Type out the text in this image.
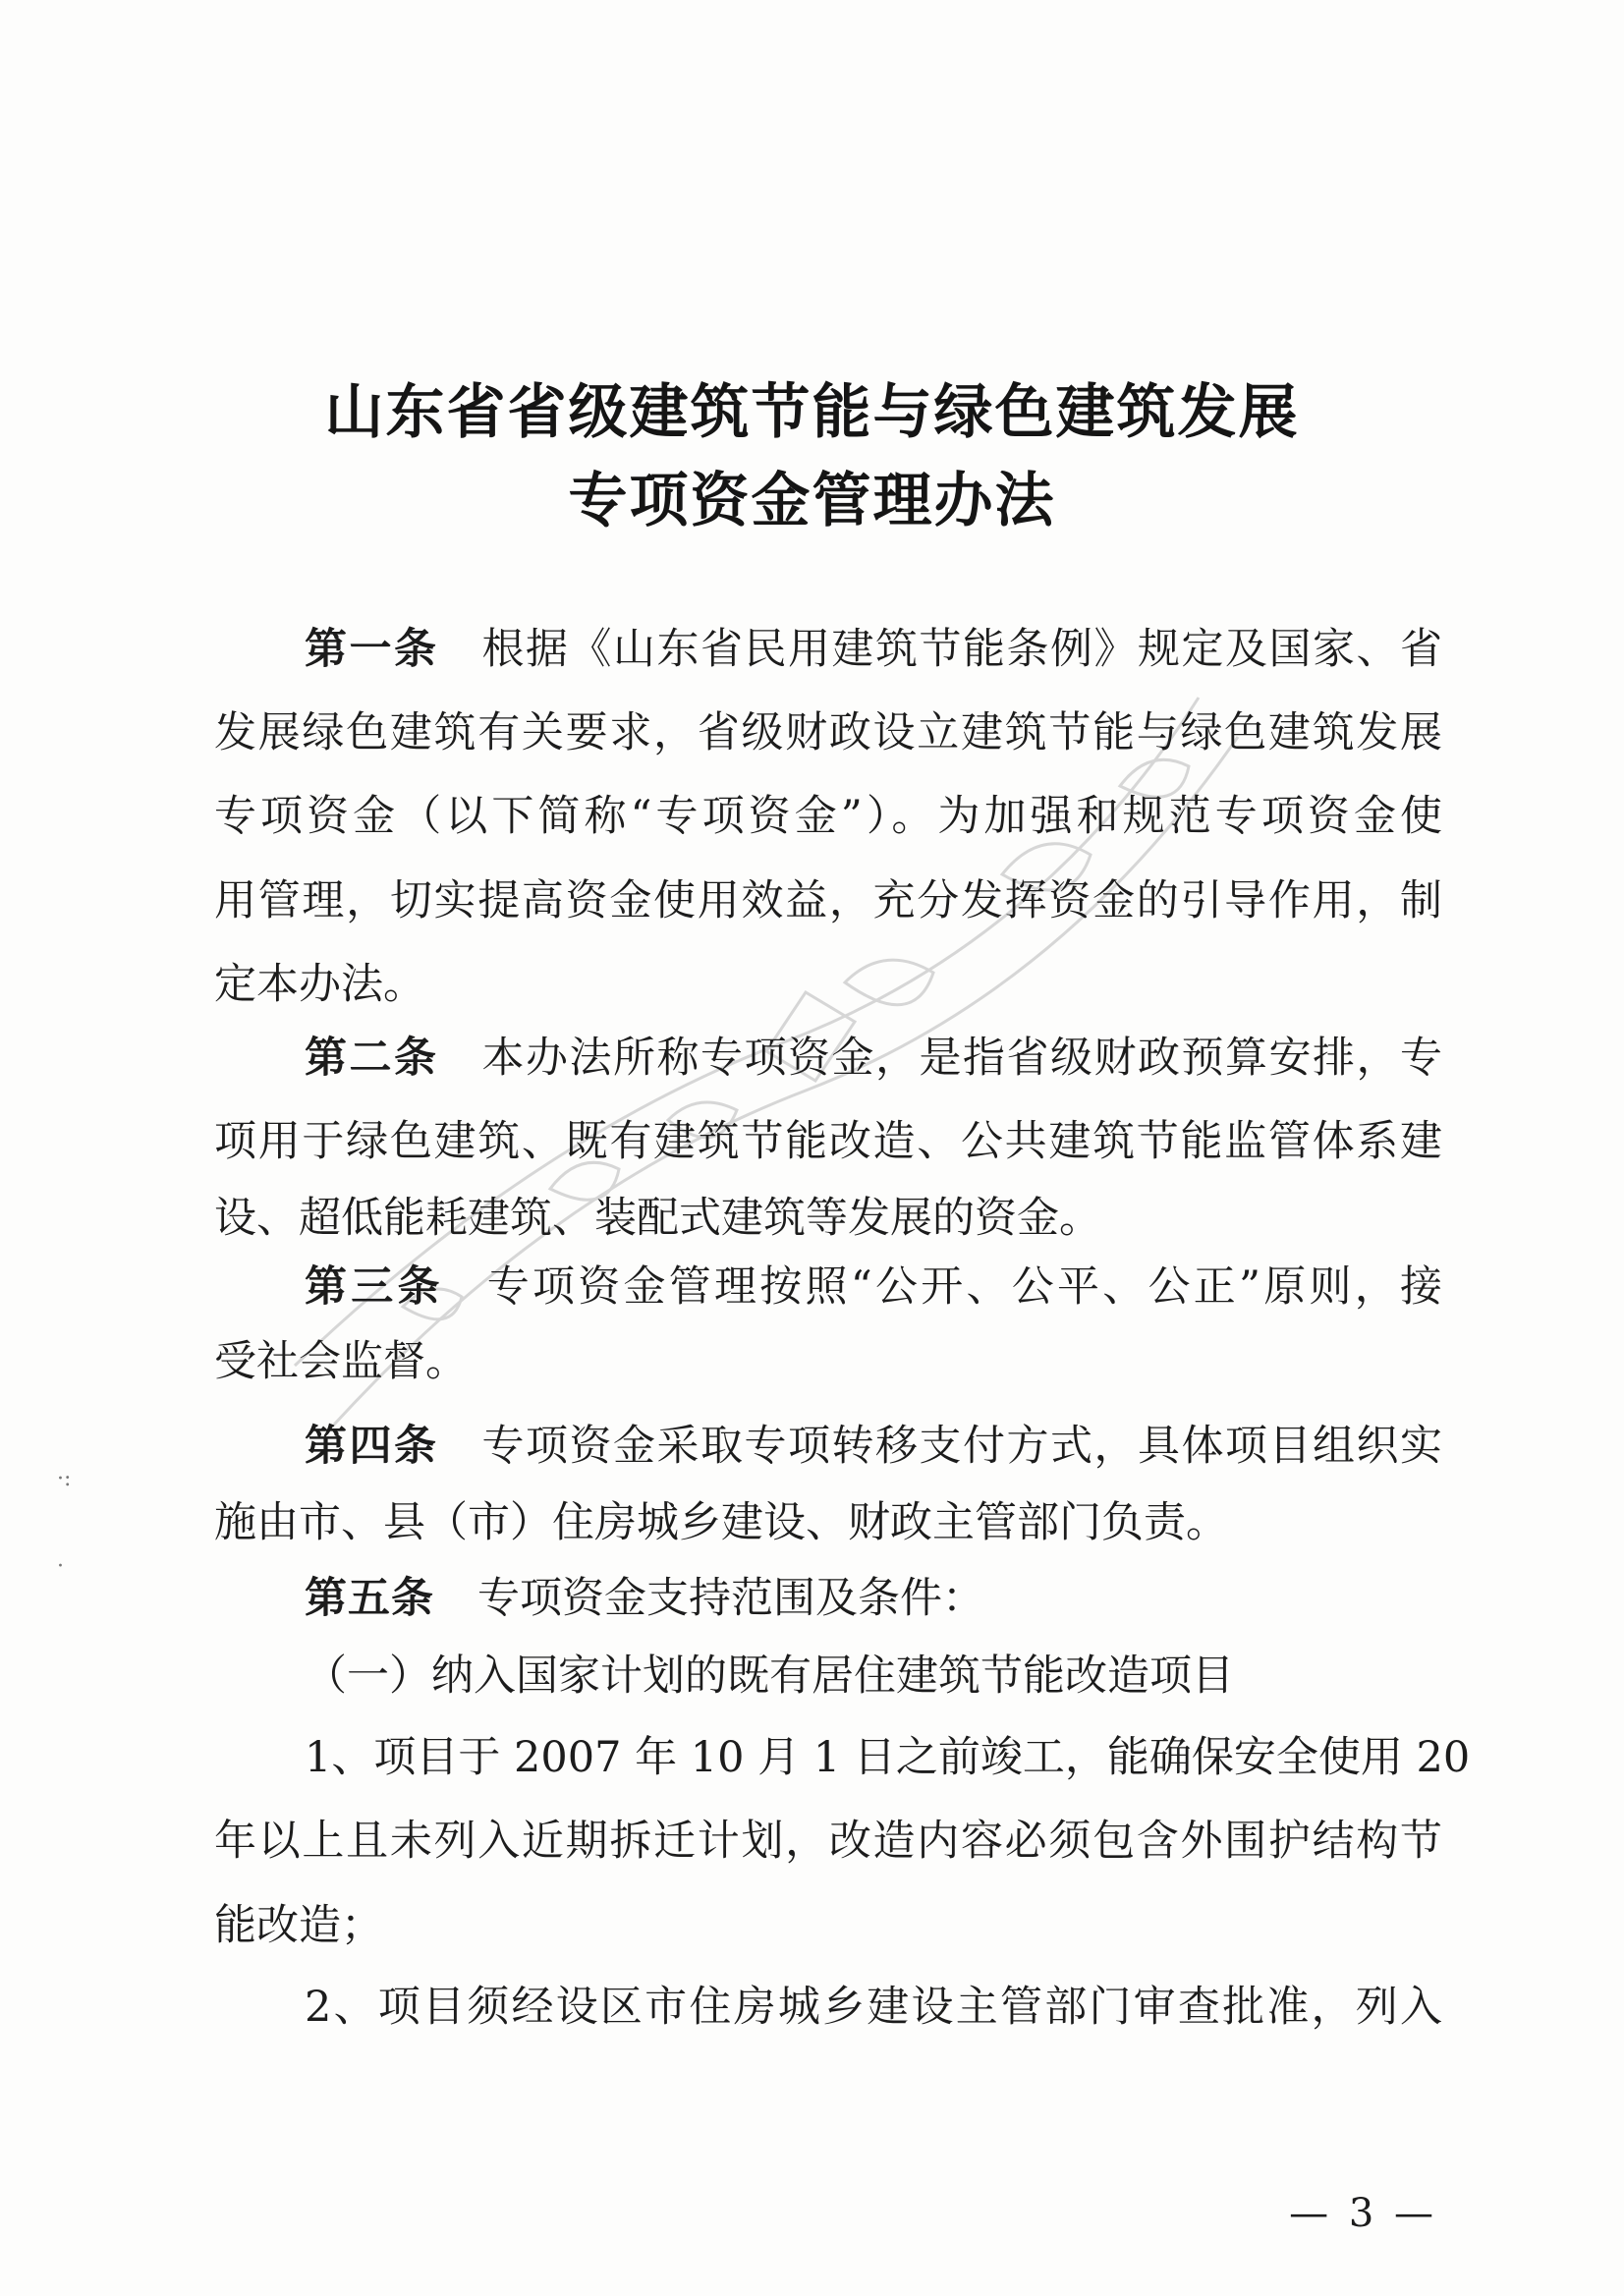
山东省省级建筑节能与绿色建筑发展
专项资金管理办法
第一条 根据《山东省民用建筑节能条例》规定及国家、省
发展绿色建筑有关要求，省级财政设立建筑节能与绿色建筑发展
专项资金（以下简称“专项资金”）。为加强和规范专项资金使
用管理，切实提高资金使用效益，充分发挥资金的引导作用，制
定本办法。
第二条 本办法所称专项资金，是指省级财政预算安排，专
项用于绿色建筑、既有建筑节能改造、公共建筑节能监管体系建
设、超低能耗建筑、装配式建筑等发展的资金。
第三条 专项资金管理按照“公开、公平、公正”原则，接
受社会监督。
第四条 专项资金采取专项转移支付方式，具体项目组织实
施由市、县（市）住房城乡建设、财政主管部门负责。
第五条 专项资金支持范围及条件：
（一）纳入国家计划的既有居住建筑节能改造项目
1、项目于 2007 年 10 月 1 日之前竣工，能确保安全使用 20
年以上且未列入近期拆迁计划，改造内容必须包含外围护结构节
能改造；
2、项目须经设区市住房城乡建设主管部门审查批准，列入
— 3 —
·:
·
